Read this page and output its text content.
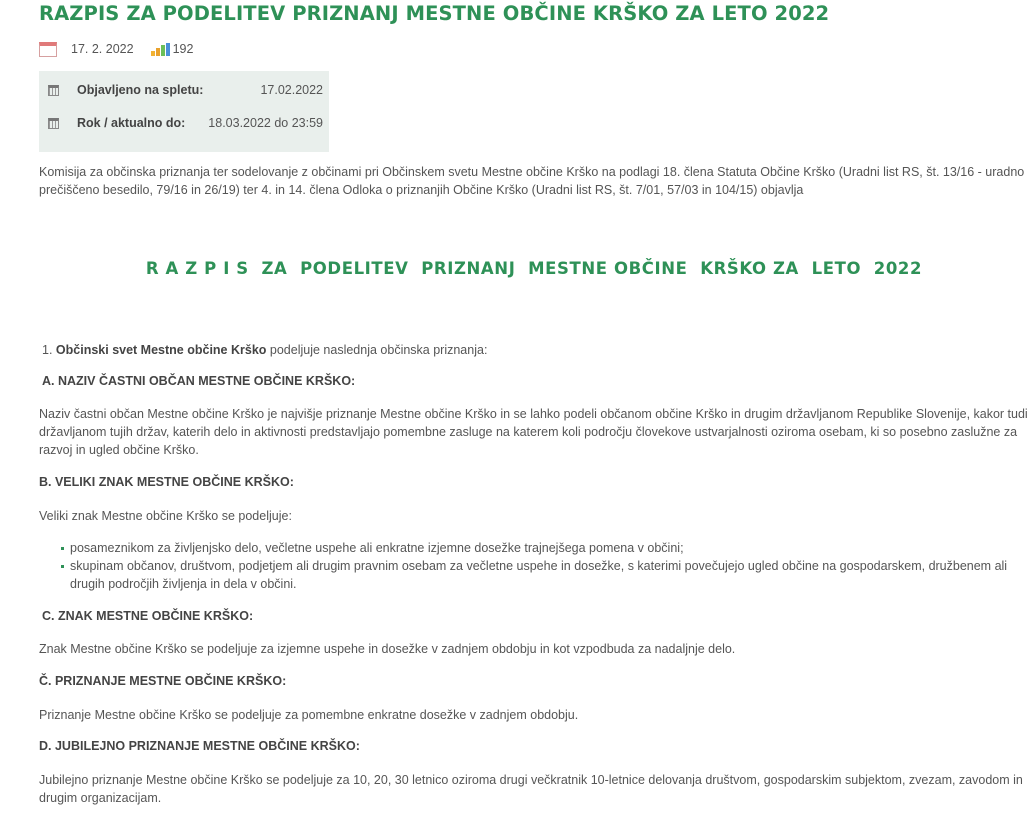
RAZPIS ZA PODELITEV PRIZNANJ MESTNE OBČINE KRŠKO ZA LETO 2022
17. 2. 2022	192
Objavljeno na spletu:	17.02.2022
Rok / aktualno do:	18.03.2022 do 23:59

Komisija za občinska priznanja ter sodelovanje z občinami pri Občinskem svetu Mestne občine Krško na podlagi 18. člena Statuta Občine Krško (Uradni list RS, št. 13/16 - uradno prečiščeno besedilo, 79/16 in 26/19) ter 4. in 14. člena Odloka o priznanjih Občine Krško (Uradni list RS, št. 7/01, 57/03 in 104/15) objavlja

R A Z P I S  ZA  PODELITEV  PRIZNANJ  MESTNE OBČINE  KRŠKO ZA  LETO  2022

1. Občinski svet Mestne občine Krško podeljuje naslednja občinska priznanja:

A. NAZIV ČASTNI OBČAN MESTNE OBČINE KRŠKO:

Naziv častni občan Mestne občine Krško je najvišje priznanje Mestne občine Krško in se lahko podeli občanom občine Krško in drugim državljanom Republike Slovenije, kakor tudi državljanom tujih držav, katerih delo in aktivnosti predstavljajo pomembne zasluge na katerem koli področju človekove ustvarjalnosti oziroma osebam, ki so posebno zaslužne za razvoj in ugled občine Krško.

B. VELIKI ZNAK MESTNE OBČINE KRŠKO:

Veliki znak Mestne občine Krško se podeljuje:

posameznikom za življenjsko delo, večletne uspehe ali enkratne izjemne dosežke trajnejšega pomena v občini;
skupinam občanov, društvom, podjetjem ali drugim pravnim osebam za večletne uspehe in dosežke, s katerimi povečujejo ugled občine na gospodarskem, družbenem ali drugih področjih življenja in dela v občini.
C. ZNAK MESTNE OBČINE KRŠKO:

Znak Mestne občine Krško se podeljuje za izjemne uspehe in dosežke v zadnjem obdobju in kot vzpodbuda za nadaljnje delo.

Č. PRIZNANJE MESTNE OBČINE KRŠKO:

Priznanje Mestne občine Krško se podeljuje za pomembne enkratne dosežke v zadnjem obdobju.

D. JUBILEJNO PRIZNANJE MESTNE OBČINE KRŠKO:

Jubilejno priznanje Mestne občine Krško se podeljuje za 10, 20, 30 letnico oziroma drugi večkratnik 10-letnice delovanja društvom, gospodarskim subjektom, zvezam, zavodom in drugim organizacijam.
